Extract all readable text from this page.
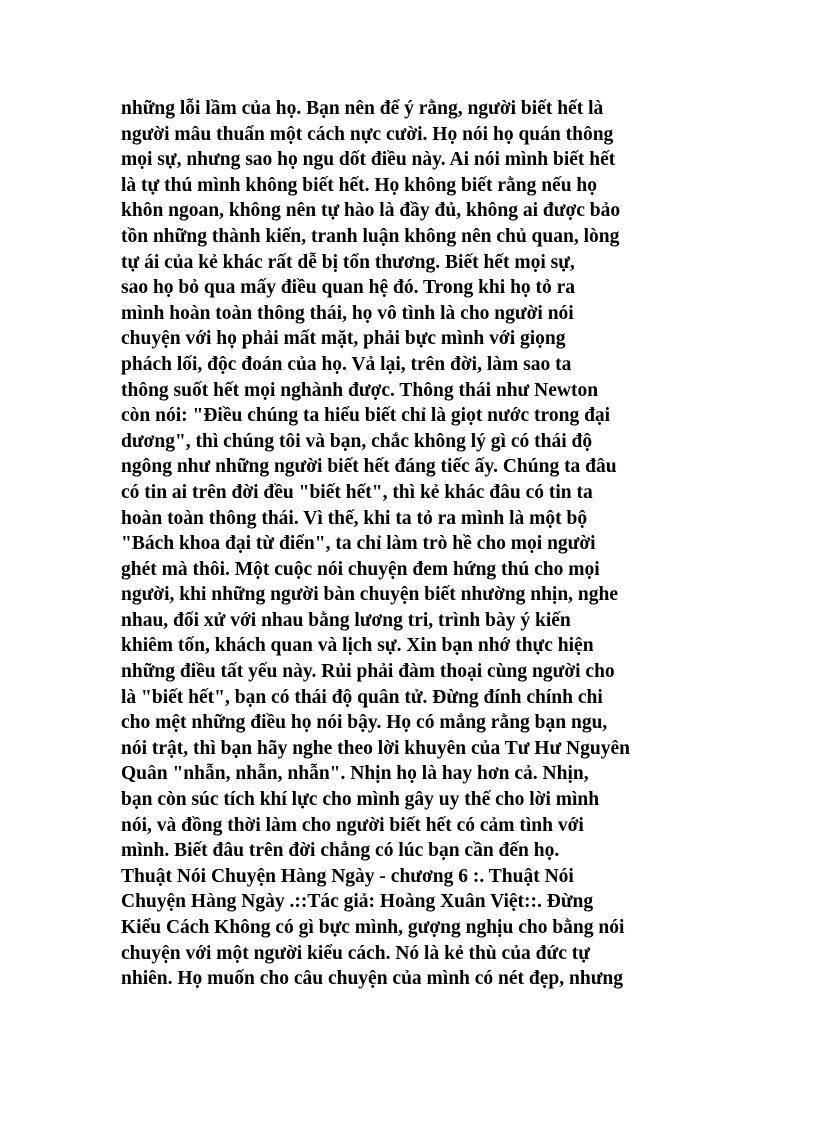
những lỗi lầm của họ. Bạn nên để ý rằng, người biết hết là
người mâu thuẩn một cách nực cười. Họ nói họ quán thông
mọi sự, nhưng sao họ ngu dốt điều này. Ai nói mình biết hết
là tự thú mình không biết hết. Họ không biết rằng nếu họ
khôn ngoan, không nên tự hào là đầy đủ, không ai được bảo
tồn những thành kiến, tranh luận không nên chủ quan, lòng
tự ái của kẻ khác rất dễ bị tổn thương. Biết hết mọi sự,
sao họ bỏ qua mấy điều quan hệ đó. Trong khi họ tỏ ra
mình hoàn toàn thông thái, họ vô tình là cho người nói
chuyện với họ phải mất mặt, phải bực mình với giọng
phách lối, độc đoán của họ. Vả lại, trên đời, làm sao ta
thông suốt hết mọi nghành được. Thông thái như Newton
còn nói: "Điều chúng ta hiểu biết chỉ là giọt nước trong đại
dương", thì chúng tôi và bạn, chắc không lý gì có thái độ
ngông như những người biết hết đáng tiếc ấy. Chúng ta đâu
có tin ai trên đời đều "biết hết", thì kẻ khác đâu có tin ta
hoàn toàn thông thái. Vì thế, khi ta tỏ ra mình là một bộ
"Bách khoa đại từ điển", ta chỉ làm trò hề cho mọi người
ghét mà thôi. Một cuộc nói chuyện đem hứng thú cho mọi
người, khi những người bàn chuyện biết nhường nhịn, nghe
nhau, đối xử với nhau bằng lương tri, trình bày ý kiến
khiêm tốn, khách quan và lịch sự. Xin bạn nhớ thực hiện
những điều tất yếu này. Rủi phải đàm thoại cùng người cho
là "biết hết", bạn có thái độ quân tử. Đừng đính chính chi
cho mệt những điều họ nói bậy. Họ có mắng rằng bạn ngu,
nói trật, thì bạn hãy nghe theo lời khuyên của Tư Hư Nguyên
Quân "nhẫn, nhẫn, nhẫn". Nhịn họ là hay hơn cả. Nhịn,
bạn còn súc tích khí lực cho mình gây uy thế cho lời mình
nói, và đồng thời làm cho người biết hết có cảm tình với
mình. Biết đâu trên đời chẳng có lúc bạn cần đến họ.
Thuật Nói Chuyện Hàng Ngày - chương 6 :. Thuật Nói
Chuyện Hàng Ngày .::Tác giả: Hoàng Xuân Việt::. Đừng
Kiểu Cách Không có gì bực mình, gượng nghịu cho bằng nói
chuyện với một người kiểu cách. Nó là kẻ thù của đức tự
nhiên. Họ muốn cho câu chuyện của mình có nét đẹp, nhưng
